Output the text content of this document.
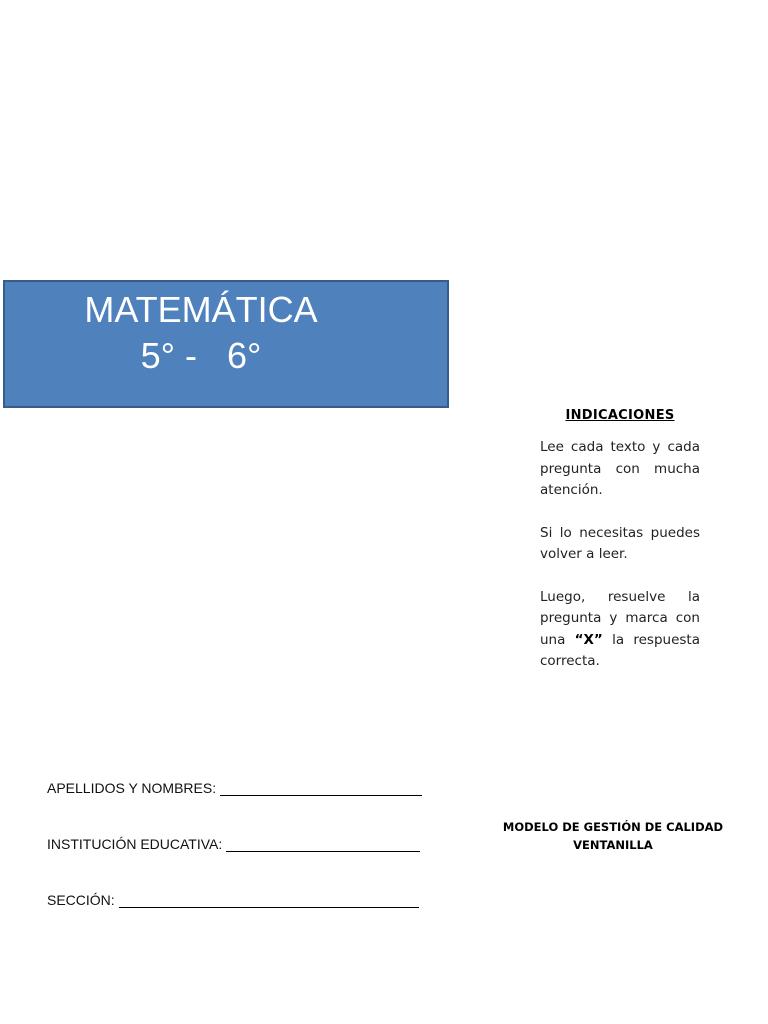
MATEMÁTICA
5° -   6°
INDICACIONES

Lee cada texto y cada pregunta con mucha atención.

Si lo necesitas puedes volver a leer.

Luego, resuelve la pregunta y marca con una “X” la respuesta correcta.

APELLIDOS Y NOMBRES:
INSTITUCIÓN EDUCATIVA:
SECCIÓN:
MODELO DE GESTIÓN DE CALIDAD
VENTANILLA
